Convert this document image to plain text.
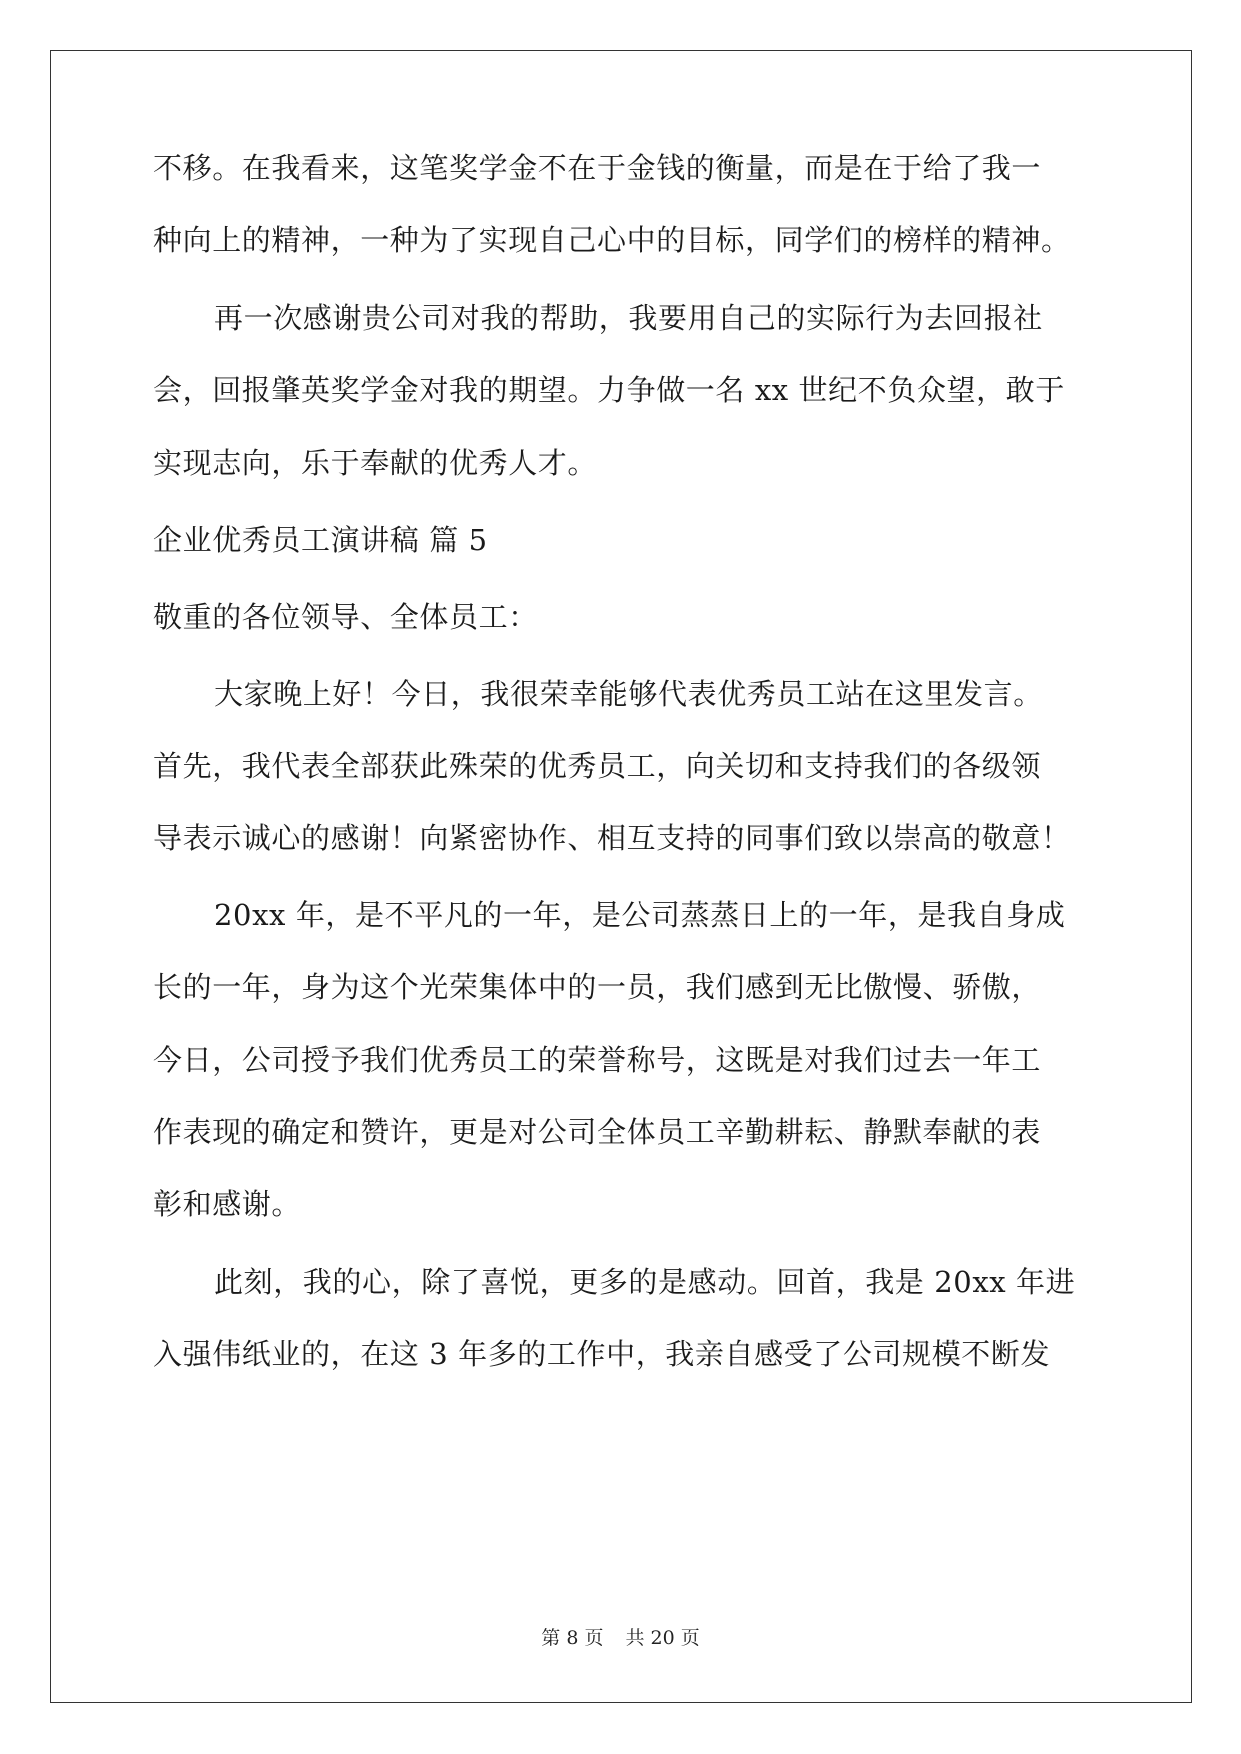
不移。在我看来，这笔奖学金不在于金钱的衡量，而是在于给了我一
种向上的精神，一种为了实现自己心中的目标，同学们的榜样的精神。
再一次感谢贵公司对我的帮助，我要用自己的实际行为去回报社
会，回报肇英奖学金对我的期望。力争做一名 xx 世纪不负众望，敢于
实现志向，乐于奉献的优秀人才。
企业优秀员工演讲稿 篇 5
敬重的各位领导、全体员工：
大家晚上好！今日，我很荣幸能够代表优秀员工站在这里发言。
首先，我代表全部获此殊荣的优秀员工，向关切和支持我们的各级领
导表示诚心的感谢！向紧密协作、相互支持的同事们致以崇高的敬意！
20xx 年，是不平凡的一年，是公司蒸蒸日上的一年，是我自身成
长的一年，身为这个光荣集体中的一员，我们感到无比傲慢、骄傲，
今日，公司授予我们优秀员工的荣誉称号，这既是对我们过去一年工
作表现的确定和赞许，更是对公司全体员工辛勤耕耘、静默奉献的表
彰和感谢。
此刻，我的心，除了喜悦，更多的是感动。回首，我是 20xx 年进
入强伟纸业的，在这 3 年多的工作中，我亲自感受了公司规模不断发
第 8 页 共 20 页
